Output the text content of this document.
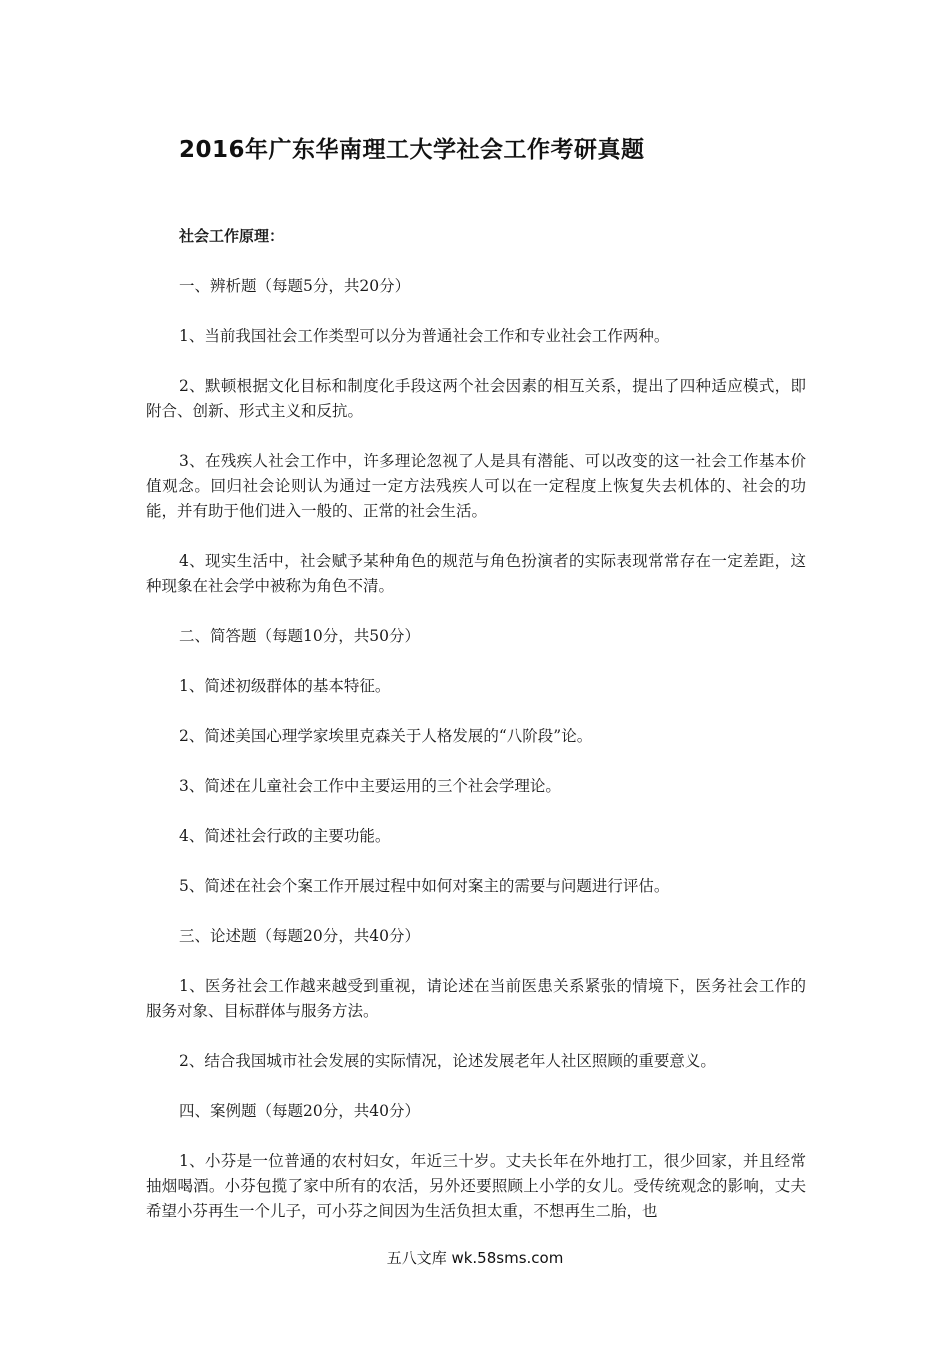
2016年广东华南理工大学社会工作考研真题

社会工作原理：

一、辨析题（每题5分，共20分）

1、当前我国社会工作类型可以分为普通社会工作和专业社会工作两种。

2、默顿根据文化目标和制度化手段这两个社会因素的相互关系，提出了四种适应模式，即附合、创新、形式主义和反抗。

3、在残疾人社会工作中，许多理论忽视了人是具有潜能、可以改变的这一社会工作基本价值观念。回归社会论则认为通过一定方法残疾人可以在一定程度上恢复失去机体的、社会的功能，并有助于他们进入一般的、正常的社会生活。

4、现实生活中，社会赋予某种角色的规范与角色扮演者的实际表现常常存在一定差距，这种现象在社会学中被称为角色不清。

二、简答题（每题10分，共50分）

1、简述初级群体的基本特征。

2、简述美国心理学家埃里克森关于人格发展的“八阶段”论。

3、简述在儿童社会工作中主要运用的三个社会学理论。

4、简述社会行政的主要功能。

5、简述在社会个案工作开展过程中如何对案主的需要与问题进行评估。

三、论述题（每题20分，共40分）

1、医务社会工作越来越受到重视，请论述在当前医患关系紧张的情境下，医务社会工作的服务对象、目标群体与服务方法。

2、结合我国城市社会发展的实际情况，论述发展老年人社区照顾的重要意义。

四、案例题（每题20分，共40分）

1、小芬是一位普通的农村妇女，年近三十岁。丈夫长年在外地打工，很少回家，并且经常抽烟喝酒。小芬包揽了家中所有的农活，另外还要照顾上小学的女儿。受传统观念的影响，丈夫希望小芬再生一个儿子，可小芬之间因为生活负担太重，不想再生二胎，也

五八文库 wk.58sms.com
